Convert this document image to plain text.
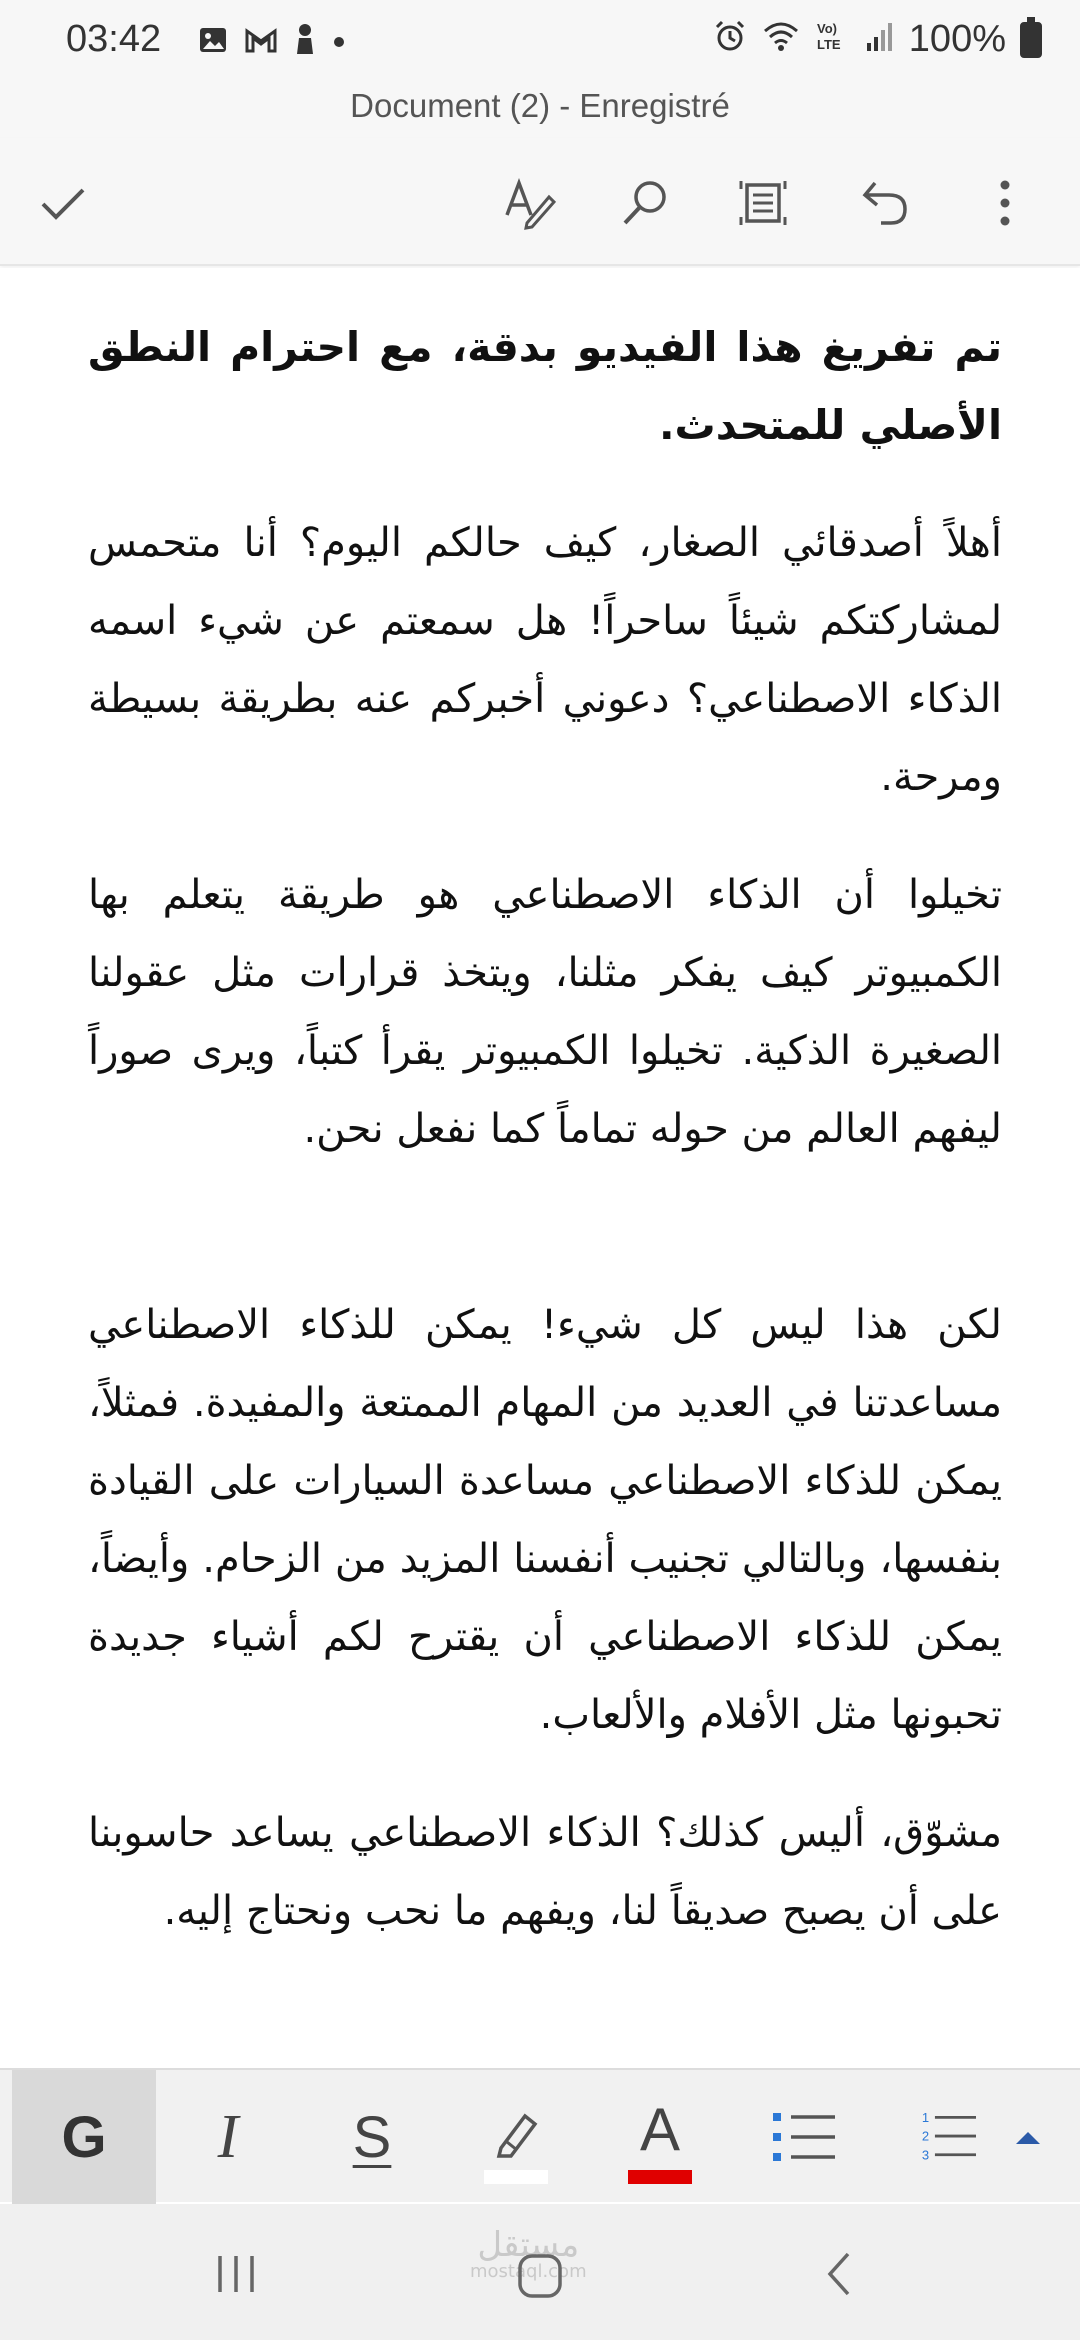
03:42	Vo)
LTE 100%
Document (2) - Enregistré

تم تفريغ هذا الفيديو بدقة، مع احترام النطق الأصلي للمتحدث.

أهلاً أصدقائي الصغار، كيف حالكم اليوم؟ أنا متحمس لمشاركتكم شيئاً ساحراً! هل سمعتم عن شيء اسمه الذكاء الاصطناعي؟ دعوني أخبركم عنه بطريقة بسيطة ومرحة.

تخيلوا أن الذكاء الاصطناعي هو طريقة يتعلم بها الكمبيوتر كيف يفكر مثلنا، ويتخذ قرارات مثل عقولنا الصغيرة الذكية. تخيلوا الكمبيوتر يقرأ كتباً، ويرى صوراً ليفهم العالم من حوله تماماً كما نفعل نحن.

لكن هذا ليس كل شيء! يمكن للذكاء الاصطناعي مساعدتنا في العديد من المهام الممتعة والمفيدة. فمثلاً، يمكن للذكاء الاصطناعي مساعدة السيارات على القيادة بنفسها، وبالتالي تجنيب أنفسنا المزيد من الزحام. وأيضاً، يمكن للذكاء الاصطناعي أن يقترح لكم أشياء جديدة تحبونها مثل الأفلام والألعاب.

مشوّق، أليس كذلك؟ الذكاء الاصطناعي يساعد حاسوبنا على أن يصبح صديقاً لنا، ويفهم ما نحب ونحتاج إليه.

G I S	A	1
2
3
مستقل
mostaql.com
